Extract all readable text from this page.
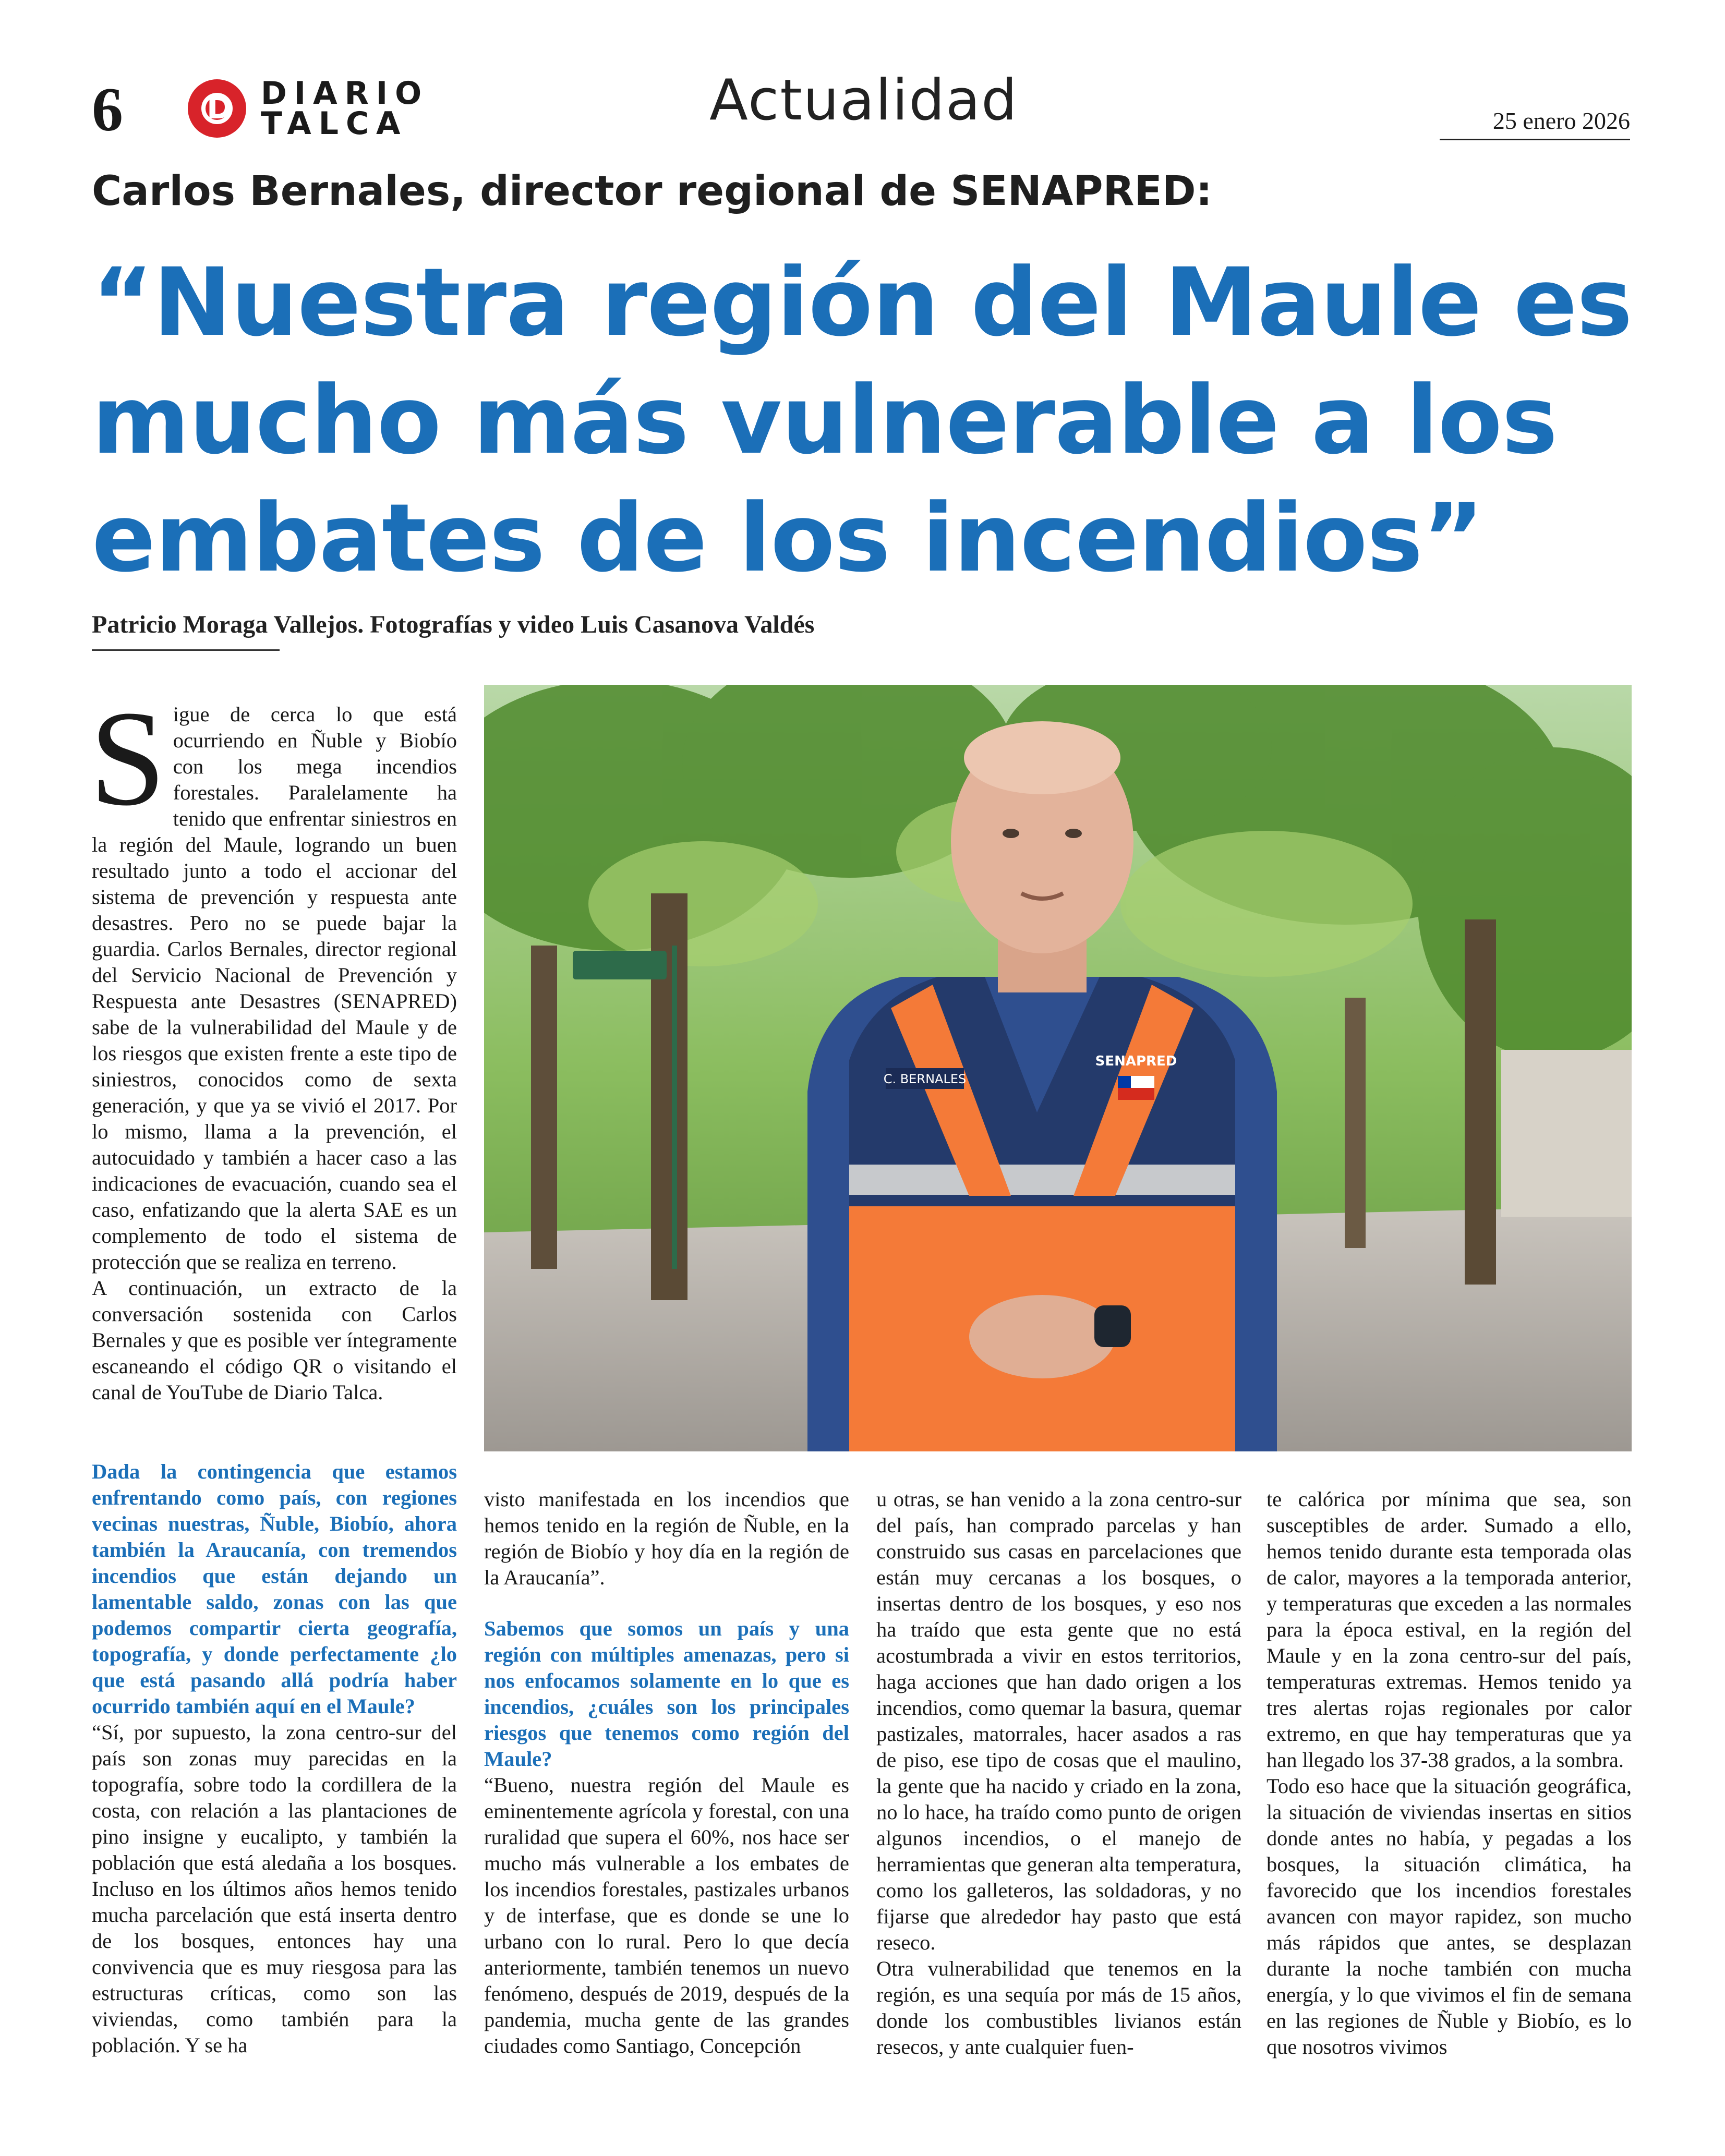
6
D	DIARIO
TALCA	Actualidad	25 enero 2026
Carlos Bernales, director regional de SENAPRED:
“Nuestra región del Maule es mucho más vulnerable a los embates de los incendios”
Patricio Moraga Vallejos. Fotografías y video Luis Casanova Valdés

Sigue de cerca lo que está ocurriendo en Ñuble y Biobío con los mega incendios forestales. Paralelamente ha tenido que enfrentar siniestros en la región del Maule, logrando un buen resultado junto a todo el accionar del sistema de prevención y respuesta ante desastres. Pero no se puede bajar la guardia. Carlos Bernales, director regional del Servicio Nacional de Prevención y Respuesta ante Desastres (SENAPRED) sabe de la vulnerabilidad del Maule y de los riesgos que existen frente a este tipo de siniestros, conocidos como de sexta generación, y que ya se vivió el 2017. Por lo mismo, llama a la prevención, el autocuidado y también a hacer caso a las indicaciones de evacuación, cuando sea el caso, enfatizando que la alerta SAE es un complemento de todo el sistema de protección que se realiza en terreno.

A continuación, un extracto de la conversación sostenida con Carlos Bernales y que es posible ver íntegramente escaneando el código QR o visitando el canal de YouTube de Diario Talca.

C. BERNALES
SENAPRED

Dada la contingencia que estamos enfrentando como país, con regiones vecinas nuestras, Ñuble, Biobío, ahora también la Araucanía, con tremendos incendios que están dejando un lamentable saldo, zonas con las que podemos compartir cierta geografía, topografía, y donde perfectamente ¿lo que está pasando allá podría haber ocurrido también aquí en el Maule?

“Sí, por supuesto, la zona centro-sur del país son zonas muy parecidas en la topografía, sobre todo la cordillera de la costa, con relación a las plantaciones de pino insigne y eucalipto, y también la población que está aledaña a los bosques. Incluso en los últimos años hemos tenido mucha parcelación que está inserta dentro de los bosques, entonces hay una convivencia que es muy riesgosa para las estructuras críticas, como son las viviendas, como también para la población. Y se ha

visto manifestada en los incendios que hemos tenido en la región de Ñuble, en la región de Biobío y hoy día en la región de la Araucanía”.

Sabemos que somos un país y una región con múltiples amenazas, pero si nos enfocamos solamente en lo que es incendios, ¿cuáles son los principales riesgos que tenemos como región del Maule?

“Bueno, nuestra región del Maule es eminentemente agrícola y forestal, con una ruralidad que supera el 60%, nos hace ser mucho más vulnerable a los embates de los incendios forestales, pastizales urbanos y de interfase, que es donde se une lo urbano con lo rural. Pero lo que decía anteriormente, también tenemos un nuevo fenómeno, después de 2019, después de la pandemia, mucha gente de las grandes ciudades como Santiago, Concepción

u otras, se han venido a la zona centro-sur del país, han comprado parcelas y han construido sus casas en parcelaciones que están muy cercanas a los bosques, o insertas dentro de los bosques, y eso nos ha traído que esta gente que no está acostumbrada a vivir en estos territorios, haga acciones que han dado origen a los incendios, como quemar la basura, quemar pastizales, matorrales, hacer asados a ras de piso, ese tipo de cosas que el maulino, la gente que ha nacido y criado en la zona, no lo hace, ha traído como punto de origen algunos incendios, o el manejo de herramientas que generan alta temperatura, como los galleteros, las soldadoras, y no fijarse que alrededor hay pasto que está reseco.

Otra vulnerabilidad que tenemos en la región, es una sequía por más de 15 años, donde los combustibles livianos están resecos, y ante cualquier fuen-

te calórica por mínima que sea, son susceptibles de arder. Sumado a ello, hemos tenido durante esta temporada olas de calor, mayores a la temporada anterior, y temperaturas que exceden a las normales para la época estival, en la región del Maule y en la zona centro-sur del país, temperaturas extremas. Hemos tenido ya tres alertas rojas regionales por calor extremo, en que hay temperaturas que ya han llegado los 37-38 grados, a la sombra.

Todo eso hace que la situación geográfica, la situación de viviendas insertas en sitios donde antes no había, y pegadas a los bosques, la situación climática, ha favorecido que los incendios forestales avancen con mayor rapidez, son mucho más rápidos que antes, se desplazan durante la noche también con mucha energía, y lo que vivimos el fin de semana en las regiones de Ñuble y Biobío, es lo que nosotros vivimos
